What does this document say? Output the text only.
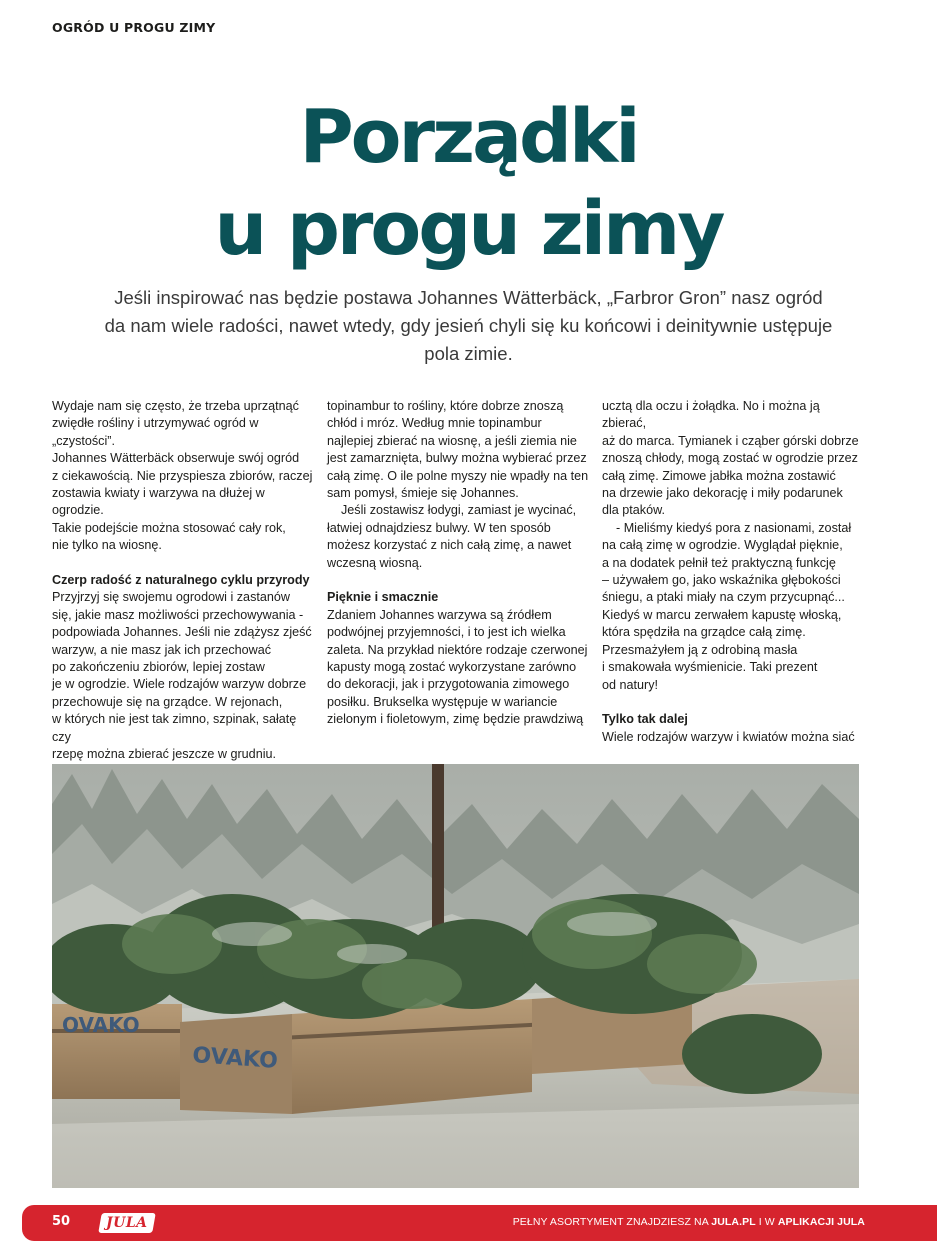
OGRÓD U PROGU ZIMY
Porządki
u progu zimy
Jeśli inspirować nas będzie postawa Johannes Wätterbäck, „Farbror Gron” nasz ogród
da nam wiele radości, nawet wtedy, gdy jesień chyli się ku końcowi i deinitywnie ustępuje
pola zimie.

Wydaje nam się często, że trzeba uprzątnąć

zwiędłe rośliny i utrzymywać ogród w „czystości”.

Johannes Wätterbäck obserwuje swój ogród

z ciekawością. Nie przyspiesza zbiorów, raczej

zostawia kwiaty i warzywa na dłużej w ogrodzie.

Takie podejście można stosować cały rok,

nie tylko na wiosnę.

Czerp radość z naturalnego cyklu przyrody

Przyjrzyj się swojemu ogrodowi i zastanów

się, jakie masz możliwości przechowywania -

podpowiada Johannes. Jeśli nie zdążysz zjeść

warzyw, a nie masz jak ich przechować

po zakończeniu zbiorów, lepiej zostaw

je w ogrodzie. Wiele rodzajów warzyw dobrze

przechowuje się na grządce. W rejonach,

w których nie jest tak zimno, szpinak, sałatę czy

rzepę można zbierać jeszcze w grudniu.

topinambur to rośliny, które dobrze znoszą

chłód i mróz. Według mnie topinambur

najlepiej zbierać na wiosnę, a jeśli ziemia nie

jest zamarznięta, bulwy można wybierać przez

całą zimę. O ile polne myszy nie wpadły na ten

sam pomysł, śmieje się Johannes.

Jeśli zostawisz łodygi, zamiast je wycinać,

łatwiej odnajdziesz bulwy. W ten sposób

możesz korzystać z nich całą zimę, a nawet

wczesną wiosną.

Pięknie i smacznie

Zdaniem Johannes warzywa są źródłem

podwójnej przyjemności, i to jest ich wielka

zaleta. Na przykład niektóre rodzaje czerwonej

kapusty mogą zostać wykorzystane zarówno

do dekoracji, jak i przygotowania zimowego

posiłku. Brukselka występuje w wariancie

zielonym i fioletowym, zimę będzie prawdziwą

ucztą dla oczu i żołądka. No i można ją zbierać,

aż do marca. Tymianek i cząber górski dobrze

znoszą chłody, mogą zostać w ogrodzie przez

całą zimę. Zimowe jabłka można zostawić

na drzewie jako dekorację i miły podarunek

dla ptaków.

- Mieliśmy kiedyś pora z nasionami, został

na całą zimę w ogrodzie. Wyglądał pięknie,

a na dodatek pełnił też praktyczną funkcję

– używałem go, jako wskaźnika głębokości

śniegu, a ptaki miały na czym przycupnąć...

Kiedyś w marcu zerwałem kapustę włoską,

która spędziła na grządce całą zimę.

Przesmażyłem ją z odrobiną masła

i smakowała wyśmienicie. Taki prezent

od natury!

Tylko tak dalej

Wiele rodzajów warzyw i kwiatów można siać

OVAKO
OVAKO
50	JULA	PEŁNY ASORTYMENT ZNAJDZIESZ NA JULA.PL I W APLIKACJI JULA
